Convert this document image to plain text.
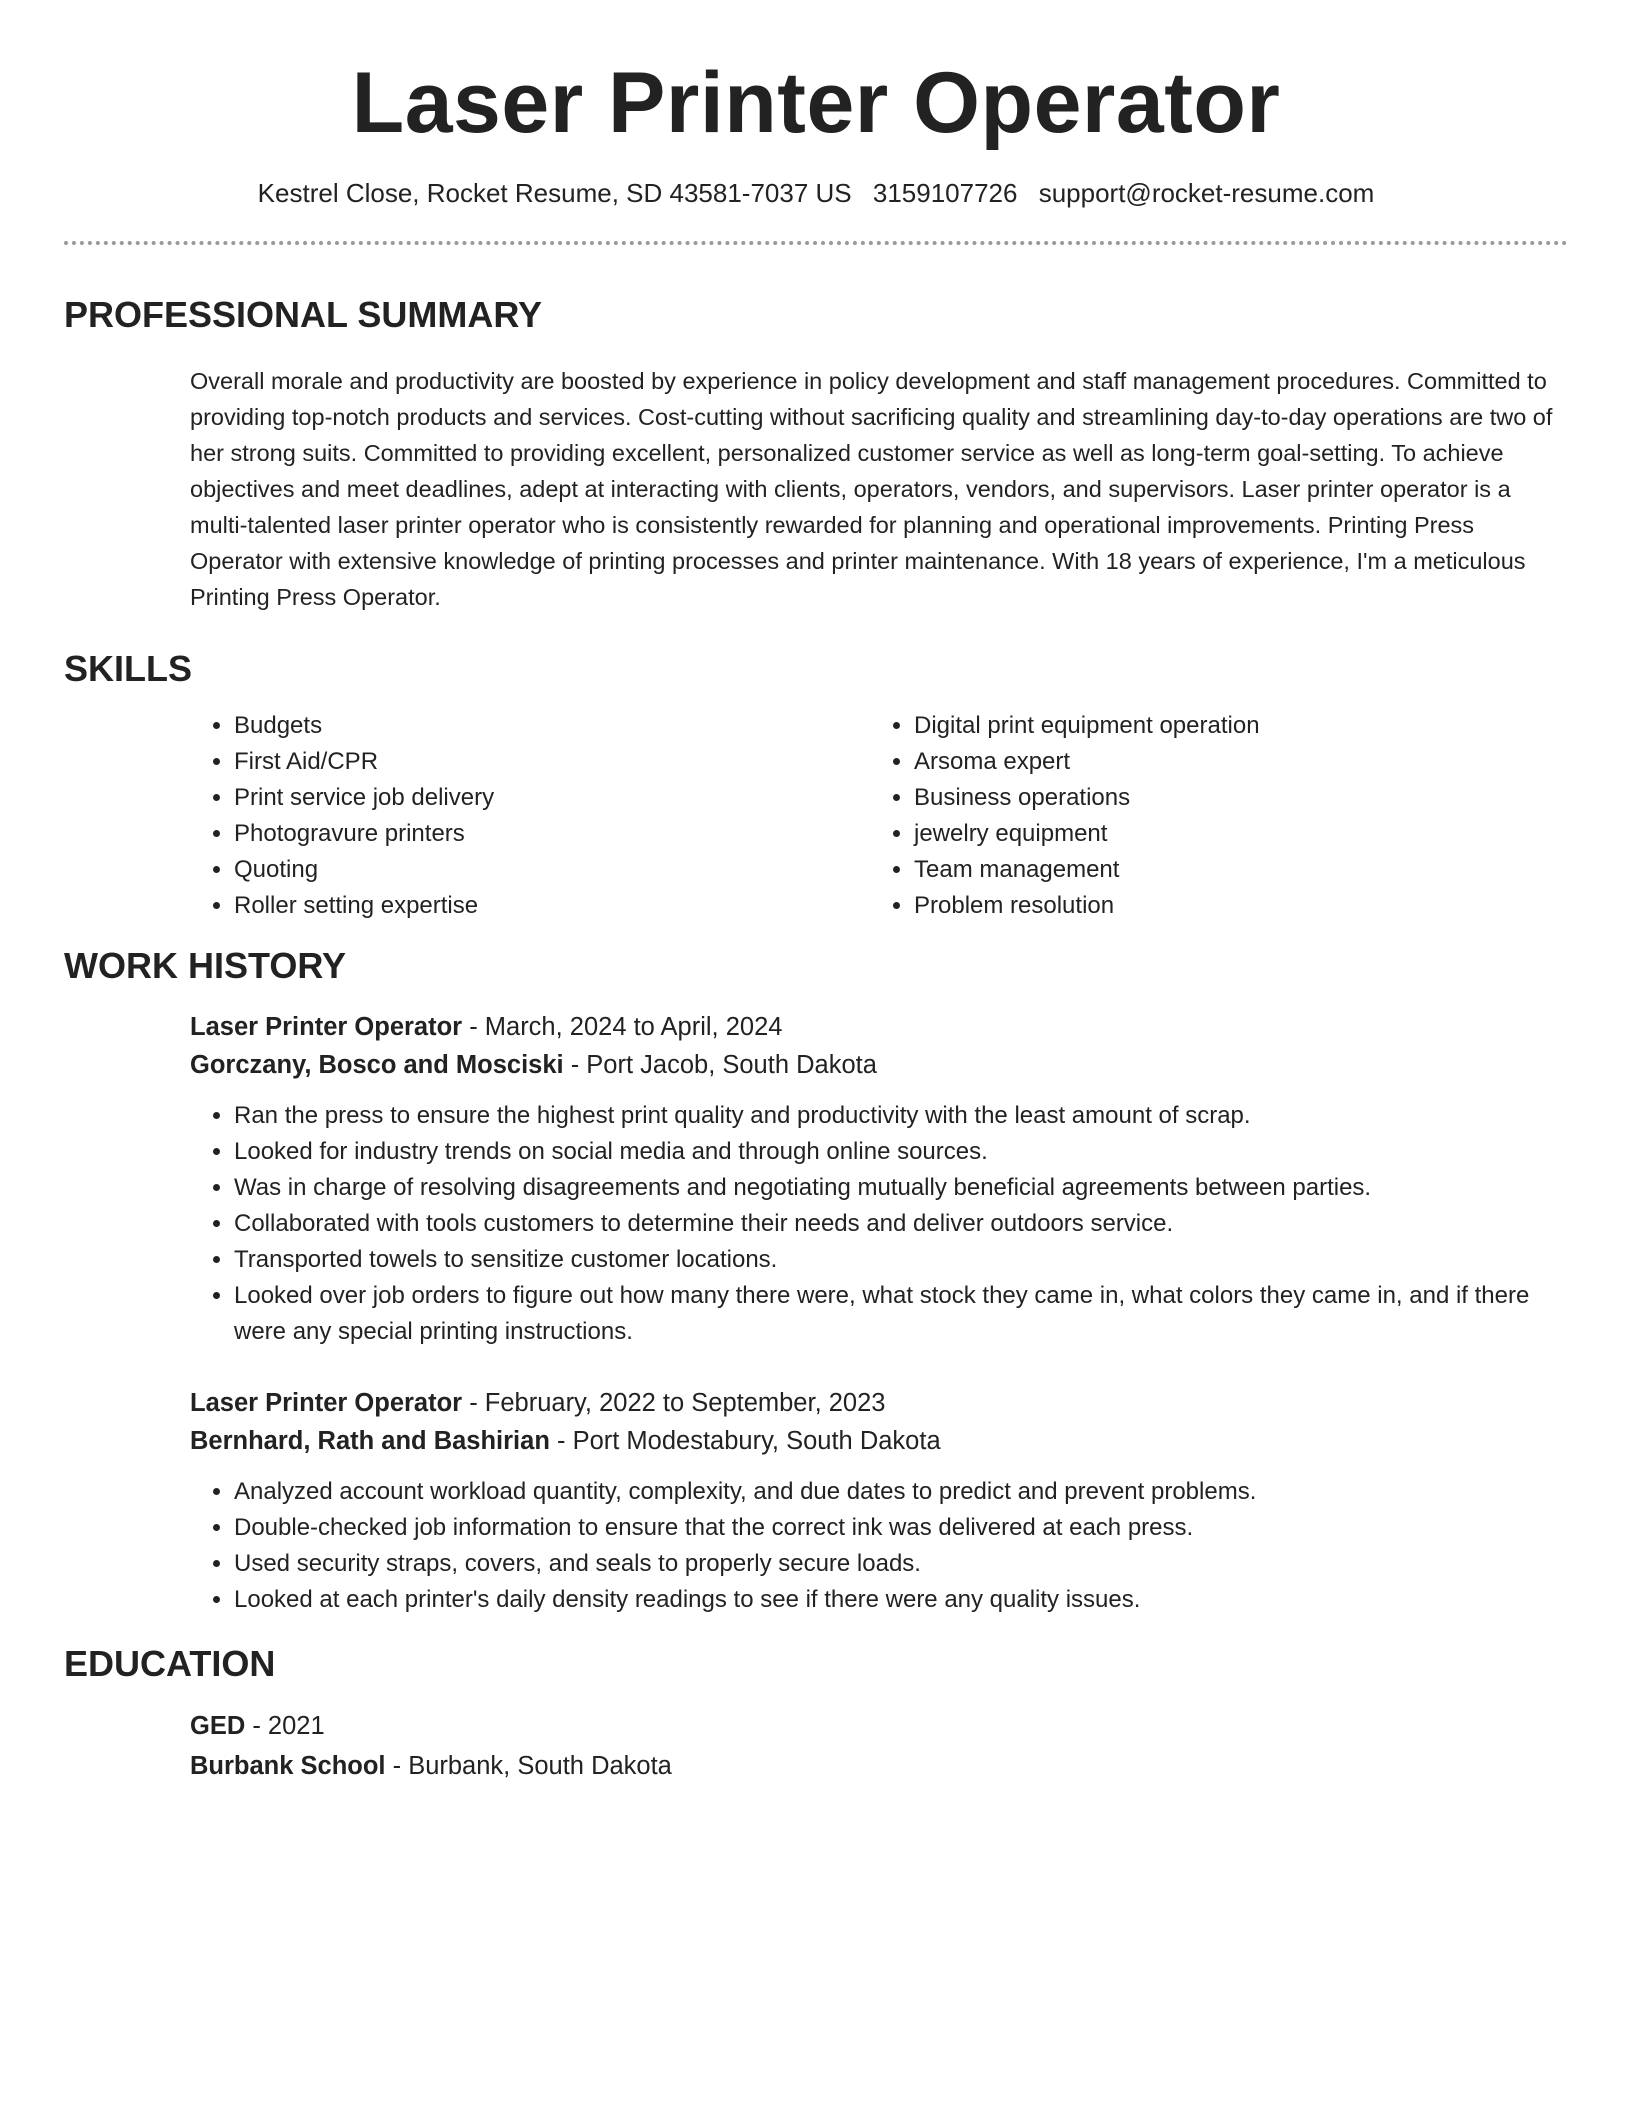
Laser Printer Operator
Kestrel Close, Rocket Resume, SD 43581-7037 US 3159107726 support@rocket-resume.com
PROFESSIONAL SUMMARY

Overall morale and productivity are boosted by experience in policy development and staff management procedures. Committed to providing top-notch products and services. Cost-cutting without sacrificing quality and streamlining day-to-day operations are two of her strong suits. Committed to providing excellent, personalized customer service as well as long-term goal-setting. To achieve objectives and meet deadlines, adept at interacting with clients, operators, vendors, and supervisors. Laser printer operator is a multi-talented laser printer operator who is consistently rewarded for planning and operational improvements. Printing Press Operator with extensive knowledge of printing processes and printer maintenance. With 18 years of experience, I'm a meticulous Printing Press Operator.

SKILLS
• Budgets
• First Aid/CPR
• Print service job delivery
• Photogravure printers
• Quoting
• Roller setting expertise
• Digital print equipment operation
• Arsoma expert
• Business operations
• jewelry equipment
• Team management
• Problem resolution
WORK HISTORY
Laser Printer Operator - March, 2024 to April, 2024
Gorczany, Bosco and Mosciski - Port Jacob, South Dakota
• Ran the press to ensure the highest print quality and productivity with the least amount of scrap.
• Looked for industry trends on social media and through online sources.
• Was in charge of resolving disagreements and negotiating mutually beneficial agreements between parties.
• Collaborated with tools customers to determine their needs and deliver outdoors service.
• Transported towels to sensitize customer locations.
• Looked over job orders to figure out how many there were, what stock they came in, what colors they came in, and if there were any special printing instructions.
Laser Printer Operator - February, 2022 to September, 2023
Bernhard, Rath and Bashirian - Port Modestabury, South Dakota
• Analyzed account workload quantity, complexity, and due dates to predict and prevent problems.
• Double-checked job information to ensure that the correct ink was delivered at each press.
• Used security straps, covers, and seals to properly secure loads.
• Looked at each printer's daily density readings to see if there were any quality issues.
EDUCATION
GED - 2021
Burbank School - Burbank, South Dakota
